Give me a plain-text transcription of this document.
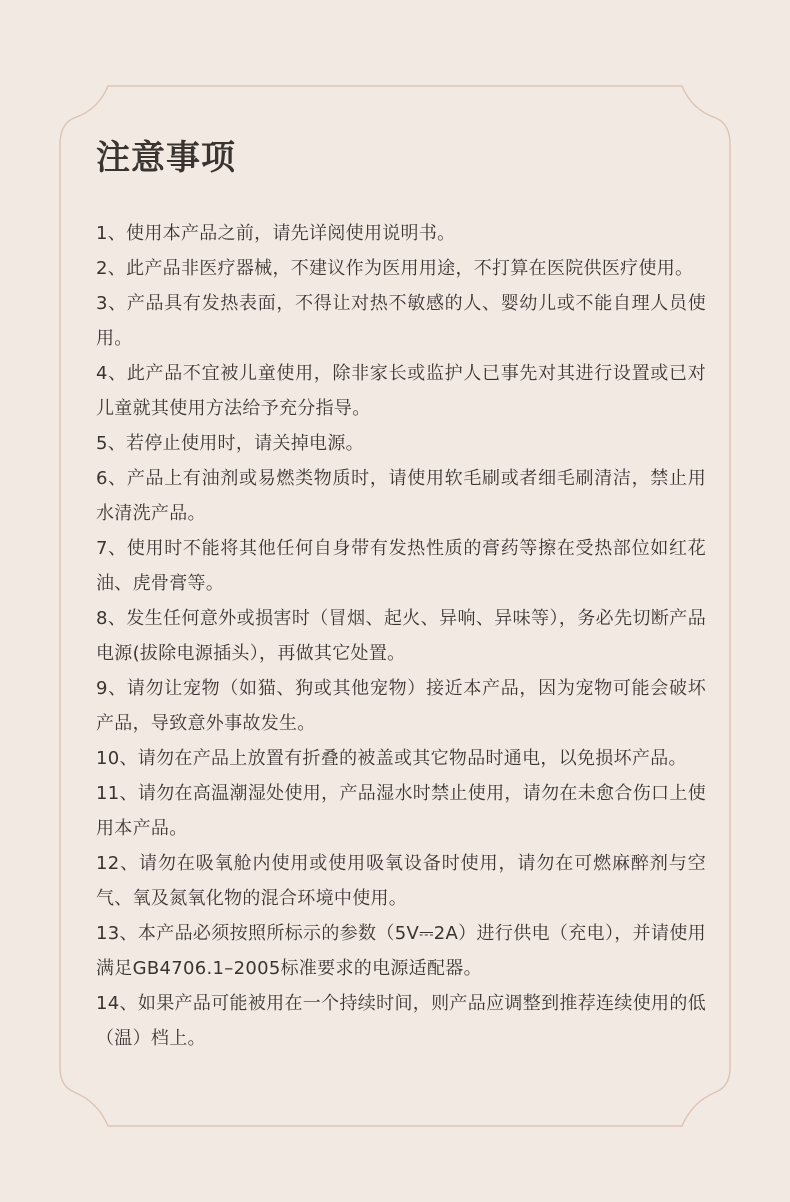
注意事项
1、使用本产品之前，请先详阅使用说明书。
2、此产品非医疗器械，不建议作为医用用途，不打算在医院供医疗使用。
3、产品具有发热表面，不得让对热不敏感的人、婴幼儿或不能自理人员使用。
4、此产品不宜被儿童使用，除非家长或监护人已事先对其进行设置或已对儿童就其使用方法给予充分指导。
5、若停止使用时，请关掉电源。
6、产品上有油剂或易燃类物质时，请使用软毛刷或者细毛刷清洁，禁止用水清洗产品。
7、使用时不能将其他任何自身带有发热性质的膏药等擦在受热部位如红花油、虎骨膏等。
8、发生任何意外或损害时（冒烟、起火、异响、异味等），务必先切断产品电源(拔除电源插头），再做其它处置。
9、请勿让宠物（如猫、狗或其他宠物）接近本产品，因为宠物可能会破坏产品，导致意外事故发生。
10、请勿在产品上放置有折叠的被盖或其它物品时通电，以免损坏产品。
11、请勿在高温潮湿处使用，产品湿水时禁止使用，请勿在未愈合伤口上使用本产品。
12、请勿在吸氧舱内使用或使用吸氧设备时使用，请勿在可燃麻醉剂与空气、氧及氮氧化物的混合环境中使用。
13、本产品必须按照所标示的参数（5V⎓2A）进行供电（充电），并请使用满足GB4706.1–2005标准要求的电源适配器。
14、如果产品可能被用在一个持续时间，则产品应调整到推荐连续使用的低（温）档上。
